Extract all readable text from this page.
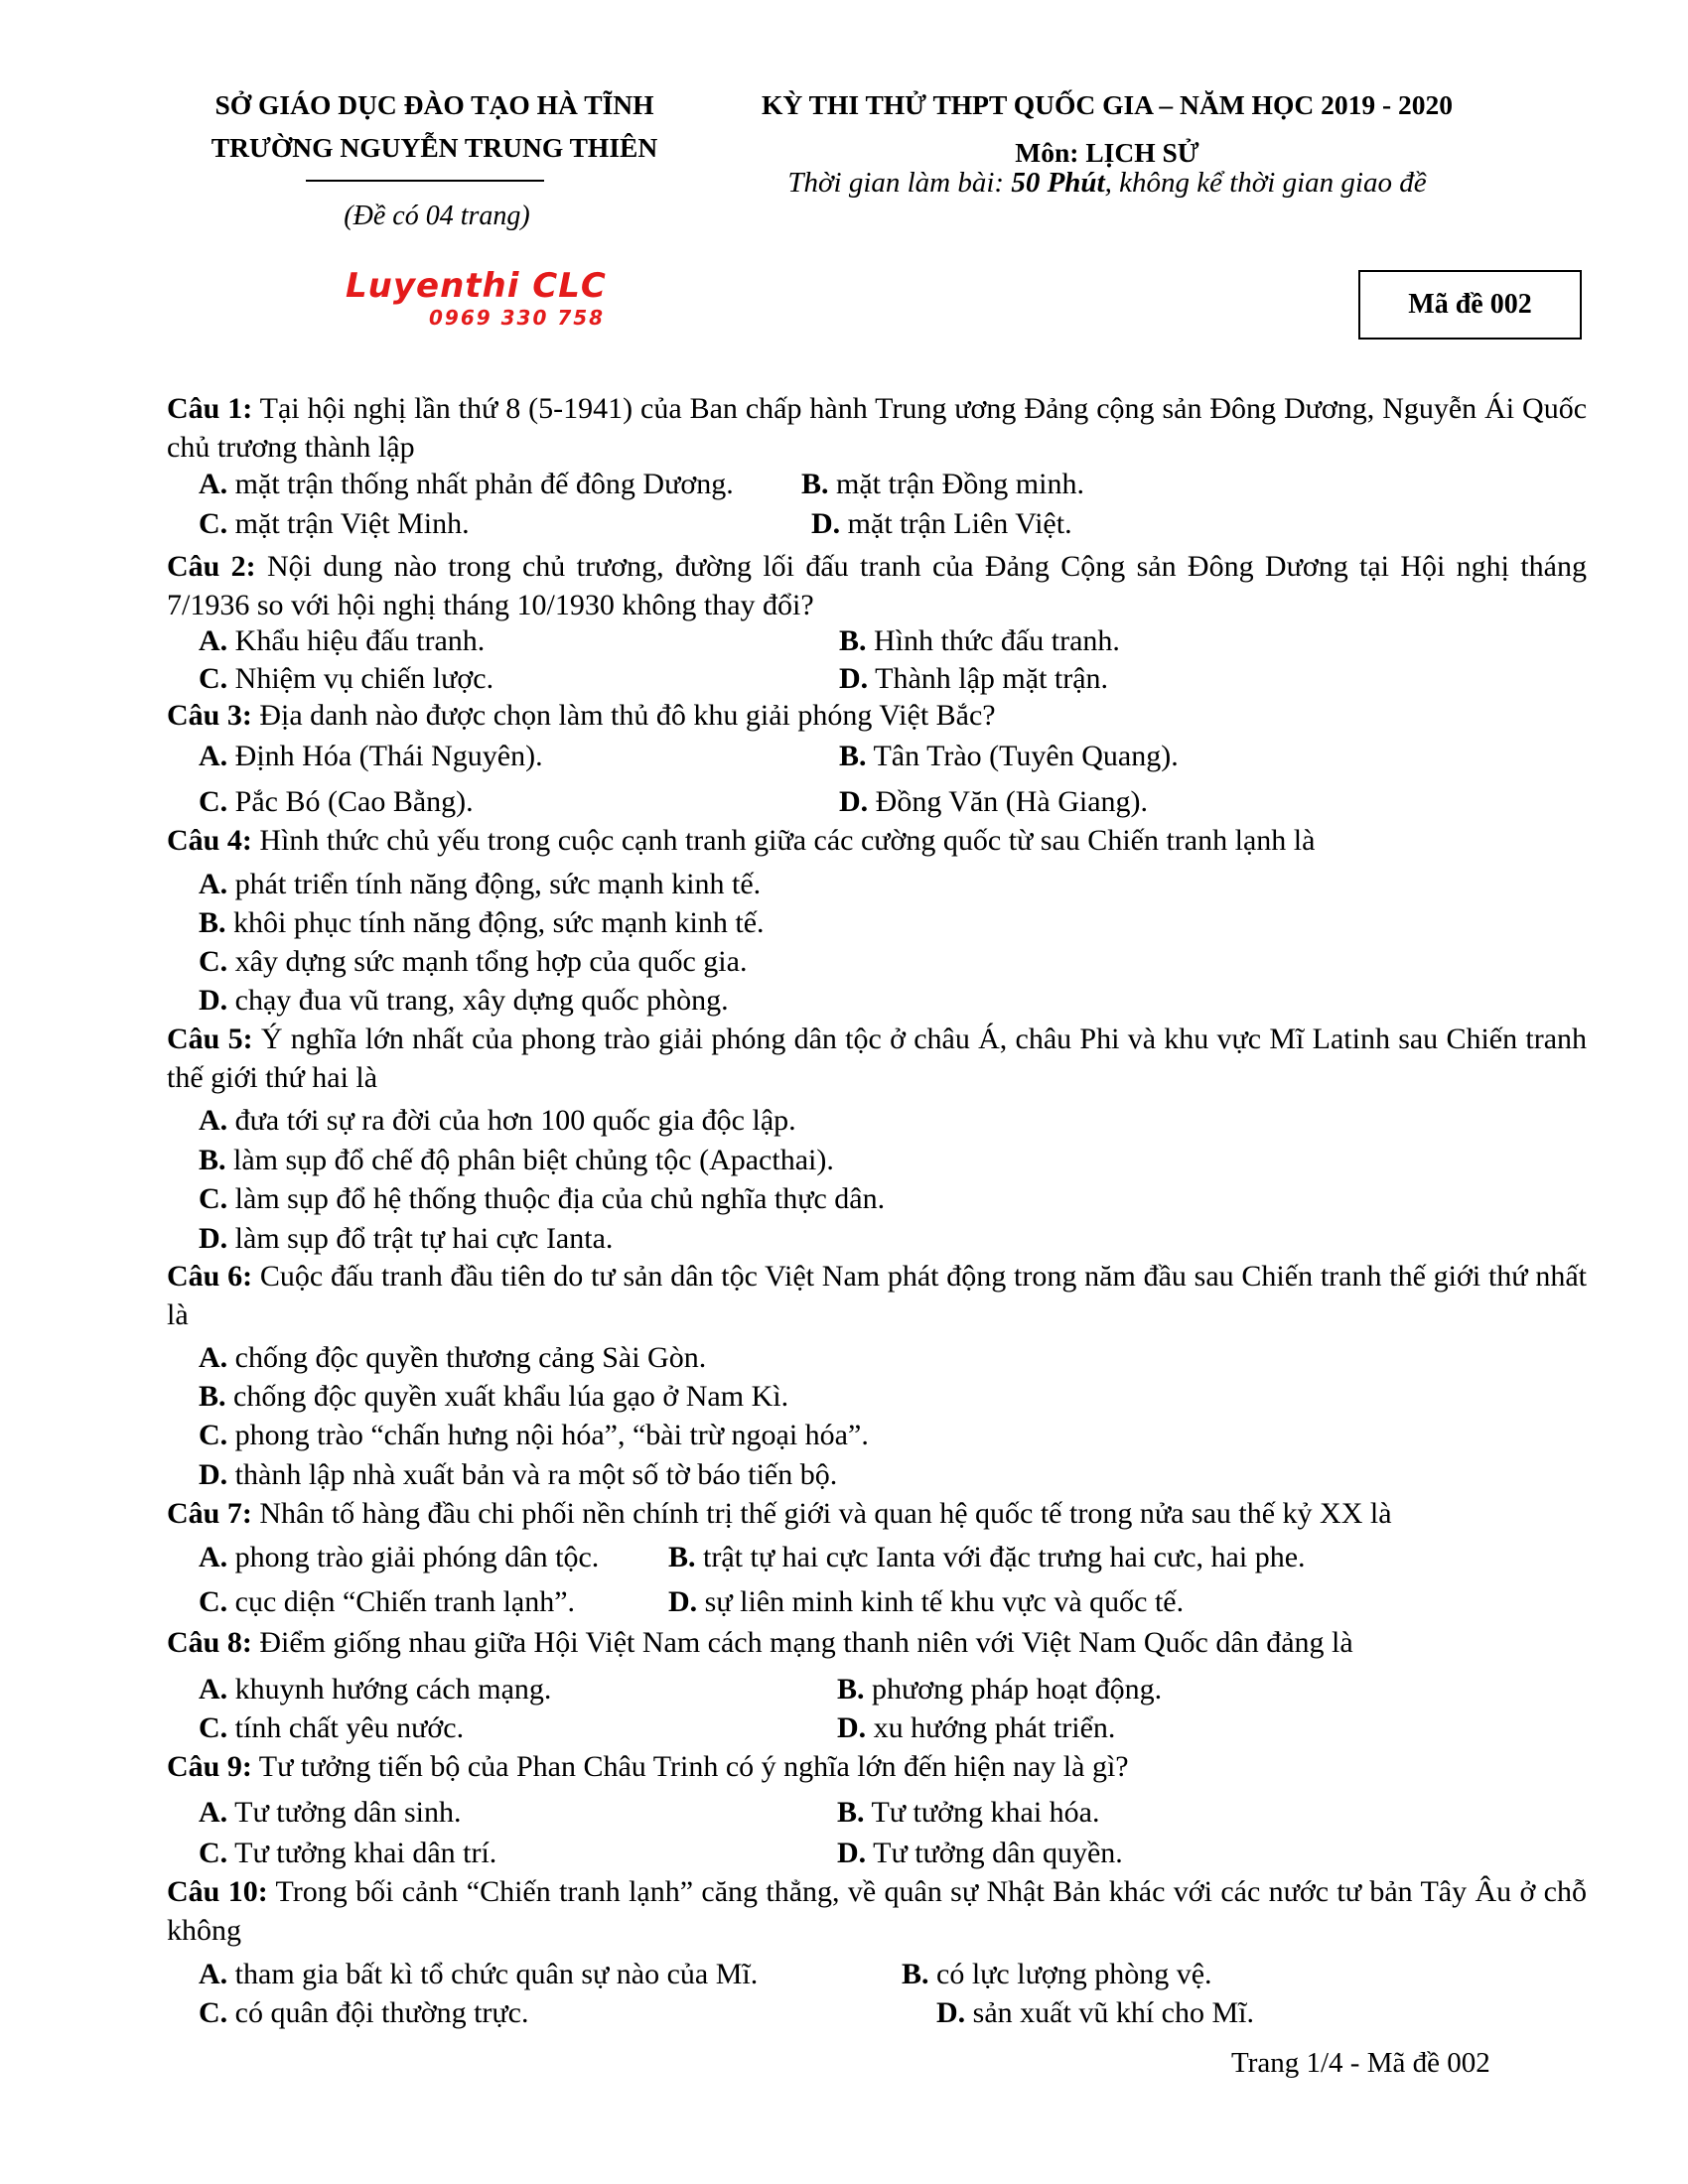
SỞ GIÁO DỤC ĐÀO TẠO HÀ TĨNH
TRƯỜNG NGUYỄN TRUNG THIÊN
(Đề có 04 trang)
KỲ THI THỬ THPT QUỐC GIA – NĂM HỌC 2019 - 2020
Môn: LỊCH SỬ
Thời gian làm bài: 50 Phút, không kể thời gian giao đề
Luyenthi CLC
0969 330 758	Mã đề 002
Câu 1: Tại hội nghị lần thứ 8 (5-1941) của Ban chấp hành Trung ương Đảng cộng sản Đông Dương, Nguyễn Ái Quốc chủ trương thành lập
A. mặt trận thống nhất phản đế đông Dương. B. mặt trận Đồng minh.
C. mặt trận Việt Minh.	D. mặt trận Liên Việt.
Câu 2: Nội dung nào trong chủ trương, đường lối đấu tranh của Đảng Cộng sản Đông Dương tại Hội nghị tháng 7/1936 so với hội nghị tháng 10/1930 không thay đổi?
A. Khẩu hiệu đấu tranh.	B. Hình thức đấu tranh.
C. Nhiệm vụ chiến lược.	D. Thành lập mặt trận.
Câu 3: Địa danh nào được chọn làm thủ đô khu giải phóng Việt Bắc?
A. Định Hóa (Thái Nguyên).	B. Tân Trào (Tuyên Quang).
C. Pắc Bó (Cao Bằng).	D. Đồng Văn (Hà Giang).
Câu 4: Hình thức chủ yếu trong cuộc cạnh tranh giữa các cường quốc từ sau Chiến tranh lạnh là
A. phát triển tính năng động, sức mạnh kinh tế.
B. khôi phục tính năng động, sức mạnh kinh tế.
C. xây dựng sức mạnh tổng hợp của quốc gia.
D. chạy đua vũ trang, xây dựng quốc phòng.
Câu 5: Ý nghĩa lớn nhất của phong trào giải phóng dân tộc ở châu Á, châu Phi và khu vực Mĩ Latinh sau Chiến tranh thế giới thứ hai là
A. đưa tới sự ra đời của hơn 100 quốc gia độc lập.
B. làm sụp đổ chế độ phân biệt chủng tộc (Apacthai).
C. làm sụp đổ hệ thống thuộc địa của chủ nghĩa thực dân.
D. làm sụp đổ trật tự hai cực Ianta.
Câu 6: Cuộc đấu tranh đầu tiên do tư sản dân tộc Việt Nam phát động trong năm đầu sau Chiến tranh thế giới thứ nhất là
A. chống độc quyền thương cảng Sài Gòn.
B. chống độc quyền xuất khẩu lúa gạo ở Nam Kì.
C. phong trào “chấn hưng nội hóa”, “bài trừ ngoại hóa”.
D. thành lập nhà xuất bản và ra một số tờ báo tiến bộ.
Câu 7: Nhân tố hàng đầu chi phối nền chính trị thế giới và quan hệ quốc tế trong nửa sau thế kỷ XX là
A. phong trào giải phóng dân tộc. B. trật tự hai cực Ianta với đặc trưng hai cưc, hai phe.
C. cục diện “Chiến tranh lạnh”.	D. sự liên minh kinh tế khu vực và quốc tế.
Câu 8: Điểm giống nhau giữa Hội Việt Nam cách mạng thanh niên với Việt Nam Quốc dân đảng là
A. khuynh hướng cách mạng.	B. phương pháp hoạt động.
C. tính chất yêu nước.	D. xu hướng phát triển.
Câu 9: Tư tưởng tiến bộ của Phan Châu Trinh có ý nghĩa lớn đến hiện nay là gì?
A. Tư tưởng dân sinh.	B. Tư tưởng khai hóa.
C. Tư tưởng khai dân trí.	D. Tư tưởng dân quyền.
Câu 10: Trong bối cảnh “Chiến tranh lạnh” căng thẳng, về quân sự Nhật Bản khác với các nước tư bản Tây Âu ở chỗ không
A. tham gia bất kì tổ chức quân sự nào của Mĩ.	B. có lực lượng phòng vệ.
C. có quân đội thường trực.	D. sản xuất vũ khí cho Mĩ.
Trang 1/4 - Mã đề 002
